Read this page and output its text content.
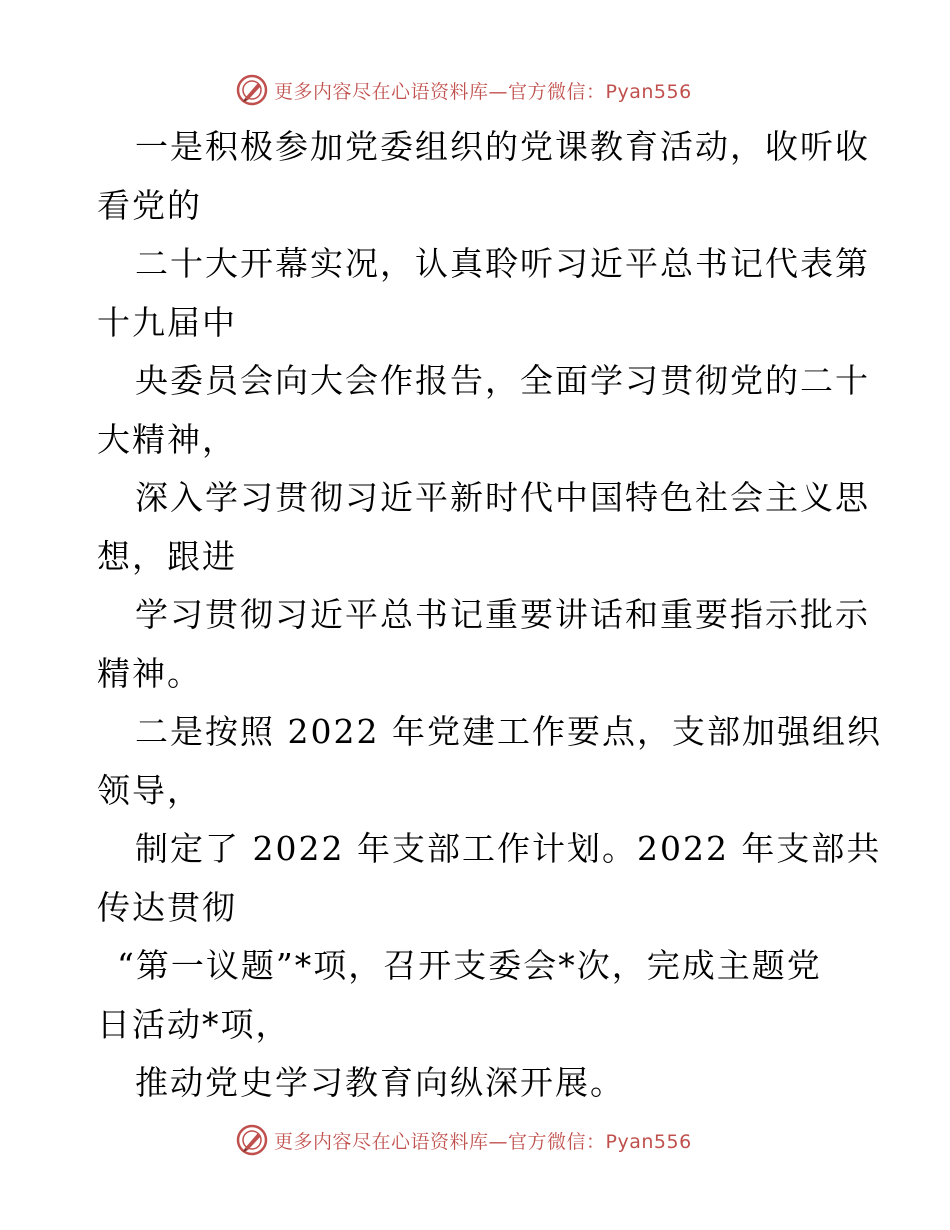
更多内容尽在心语资料库—官方微信：Pyan556
一是积极参加党委组织的党课教育活动，收听收
看党的
二十大开幕实况，认真聆听习近平总书记代表第
十九届中
央委员会向大会作报告，全面学习贯彻党的二十
大精神，
深入学习贯彻习近平新时代中国特色社会主义思
想，跟进
学习贯彻习近平总书记重要讲话和重要指示批示
精神。
二是按照 2022 年党建工作要点，支部加强组织
领导，
制定了 2022 年支部工作计划。2022 年支部共
传达贯彻
“第一议题”*项，召开支委会*次，完成主题党
日活动*项，
推动党史学习教育向纵深开展。
更多内容尽在心语资料库—官方微信：Pyan556
